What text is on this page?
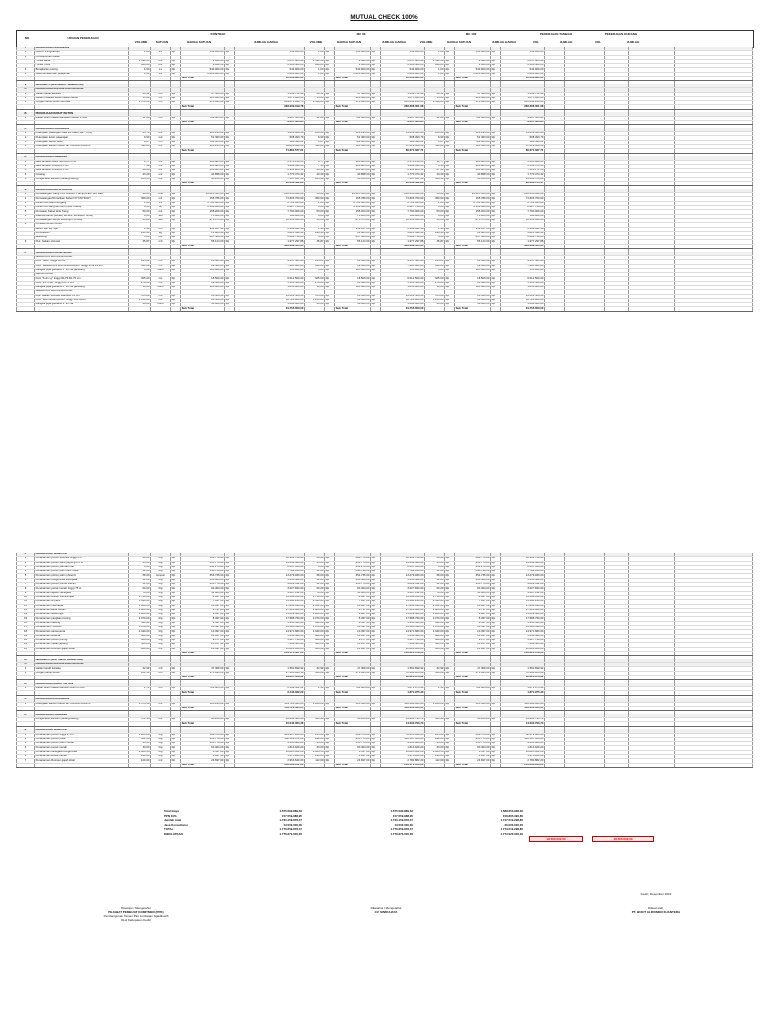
MUTUAL CHECK 100%
NO	URAIAN PEKERJAAN
KONTRAK
VOLUME	SATUAN	HARGA SATUAN	JUMLAH HARGA
MC 90
VOLUME	HARGA SATUAN	JUMLAH HARGA
MC 100
VOLUME	HARGA SATUAN	JUMLAH HARGA
PEKERJAAN TAMBAH
VOL	JUMLAH
PEKERJAAN KURANG
VOL	JUMLAH
I	PEKERJAAN PERSIAPAN																					
1	Uitzet / Pengukuran	1,00	Ls	Rp	550.000,00	Rp	550.000,00	1,00	Rp	550.000,00	Rp	550.000,00	1,00	Rp	550.000,00	Rp	550.000,00					
2	Pembersihan lokasi																					
	- Area Barat	2.590,00	m2	Rp	2.640,00	Rp	6.837.600,00	2.590,00	Rp	2.640,00	Rp	6.837.600,00	2.590,00	Rp	2.640,00	Rp	6.837.600,00					
	- Area Timur	949,00	m2	Rp	2.640,00	Rp	2.505.360,00	949,00	Rp	2.640,00	Rp	2.505.360,00	949,00	Rp	2.640,00	Rp	2.505.360,00					
3	Bongkaran paving	1,00	Ls	Rp	540.000,00	Rp	540.000,00	1,00	Rp	540.000,00	Rp	540.000,00	1,00	Rp	540.000,00	Rp	540.000,00					
4	Dokumentasi dan pelaporan	1,00	Ls	Rp	2.020.000,00	Rp	2.020.000,00	1,00	Rp	2.020.000,00	Rp	2.020.000,00	1,00	Rp	2.020.000,00	Rp	2.020.000,00					
					Sub Total		12.452.960,00			Sub Total		12.452.960,00			Sub Total		12.452.960,00					

II	SEGMEN 1 (SISI BARAT JEMBATAN)																					
A	PEKERJAAN GALIAN DAN URUGAN																					
1	Galian tanah kandas	28,51	m3	Rp	47.308,00	Rp	1.348.751,08	28,51	Rp	47.308,00	Rp	1.348.751,08	28,51	Rp	47.308,00	Rp	1.348.751,08					
2	Galian instalasi kabel bawah tanah	15,00	m1	Rp	125.000,00	Rp	1.875.000,00	15,00	Rp	125.000,00	Rp	1.875.000,00	15,00	Rp	125.000,00	Rp	1.875.000,00					
3	Urugan tanah subur kembali	1.578,26	m3	Rp	170.995,00	Rp	269.873.848,70	1.550,00	Rp	170.995,00	Rp	265.042.250,00	1.550,00	Rp	170.995,00	Rp	265.042.250,00					
					Sub Total		238.009.319,78			Sub Total		268.266.001,08			Sub Total		268.266.001,08					

B	PEKERJAAN RABAT BETON																					
1	Rabat beton bawah kansteen beton K-100	11,88	m3	Rp	782.603,00	Rp	9.297.323,64	11,88	Rp	782.603,00	Rp	9.297.323,64	11,88	Rp	782.603,00	Rp	9.297.323,64					
					Sub Total		9.297.323,64			Sub Total		9.297.323,64			Sub Total		9.297.323,64					

C	PEKERJAAN PASANGAN																					
1	Pekerjaan pasangan bata 1/2 bata (1pc : 4 ps)	15,74	m2	Rp	116.195,00	Rp	1.828.909,30	100,00	Rp	116.195,00	Rp	11.619.500,00	100,00	Rp	116.195,00	Rp	11.619.500,00					
2	Pekerjaan acian pasangan	9,90	m2	Rp	51.363,00	Rp	508.493,70	9,90	Rp	51.363,00	Rp	508.493,70	9,90	Rp	51.363,00	Rp	508.493,70					
3	Pekerjaan Beton Sloof	0,67	m3	Rp	782.603,00	Rp	524.344,01	0,67	Rp	782.603,00	Rp	524.344,01	0,67	Rp	782.603,00	Rp	524.344,01					
4	Pekerjaan kanstin beton uk. 60x30x15x20cm	594,00	m1	Rp	116.195,00	Rp	69.019.830,00	594,00	Rp	113.500,00	Rp	67.419.000,00	594,00	Rp	113.500,00	Rp	67.419.000,00					
					Sub Total		71.881.577,01			Sub Total		80.071.337,71			Sub Total		80.071.337,71					

D	PEKERJAAN FINISHING																					
1	Batu andesit halus 30x30x3,5 cm	9,77	m2	Rp	263.885,00	Rp	2.578.156,45	9,77	Rp	263.885,00	Rp	2.578.156,45	11,77	Rp	263.885,00	Rp	3.105.926,45					
2	Batu andesit 30x20x3,5 cm	7,18	m2	Rp	263.885,00	Rp	1.894.694,30	7,18	Rp	263.885,00	Rp	1.894.694,30	8,18	Rp	263.885,00	Rp	2.158.579,30					
3	Batu andesit 30x60x3,5 cm	26,38	m2	Rp	263.885,00	Rp	6.961.286,30	26,38	Rp	263.885,00	Rp	6.961.286,30	27,38	Rp	263.885,00	Rp	7.225.171,30					
4	Coating	43,29	m2	Rp	40.898,00	Rp	1.770.474,42	43,29	Rp	40.898,00	Rp	1.770.474,42	43,29	Rp	40.898,00	Rp	1.770.474,42					
5	Pengecatan kanstin (selang-seling)	165,36	m2	Rp	43.226,00	Rp	7.147.851,36	165,36	Rp	43.226,00	Rp	7.147.851,36	326,34	Rp	43.226,00	Rp	14.106.573,00					
					Sub Total		20.352.462,83			Sub Total		20.352.462,83			Sub Total		28.366.724,47					

E	PEKERJAAN KELISTRIKAN																					
1	Pemasangan Tiang PJU custom + lampu LED 120 watt	10,00	Unit	Rp	26.625.335,00	Rp	266.253.350,00	10,00	Rp	26.625.335,00	Rp	266.253.350,00	10,00	Rp	26.625.335,00	Rp	266.253.350,00					
2	Pemasangan/Penarikan Kabel NYY/NYFGbY	450,00	m1	Rp	165.786,00	Rp	74.603.700,00	450,00	Rp	165.786,00	Rp	74.603.700,00	450,00	Rp	165.786,00	Rp	74.603.700,00					
3	Panel box board tengang	1,00	Ls	Rp	2.781.835,00	Rp	2.781.835,00	1,00	Rp	2.781.835,00	Rp	2.781.835,00	1,00	Rp	2.781.835,00	Rp	2.781.835,00					
4	Panel box tiang acs esit (Inner board)	4,00	bh	Rp	2.106.936,00	Rp	8.427.744,00	4,00	Rp	2.106.936,00	Rp	8.427.744,00	4,00	Rp	2.106.936,00	Rp	8.427.744,00					
5	Pemasan Kabel tarik Tiang	50,00	m1	Rp	155.200,00	Rp	7.760.000,00	50,00	Rp	155.200,00	Rp	7.760.000,00	50,00	Rp	155.200,00	Rp	7.760.000,00					
6	Material bantu (isolasi, service, konektor, MCB)	8,00	Set	Rp	70.000,00	Rp	560.000,00	8,00	Rp	70.000,00	Rp	560.000,00	8,00	Rp	70.000,00	Rp	560.000,00					
7	Pemasangan lampu flood light 30 watt	14,00	Set	Rp	873.675,00	Rp	12.231.450,00	14,00	Rp	873.675,00	Rp	12.231.450,00	14,00	Rp	873.675,00	Rp	12.231.450,00					
8	Pondasi struss 20x20																					
	Beton 1pc 2kr 3po	2,48	m3	Rp	954.057,00	Rp	2.366.061,36	2,48	Rp	954.057,00	Rp	2.366.061,36	2,48	Rp	954.057,00	Rp	2.366.061,36					
	Pembesian	296,40	kg	Rp	12.906,00	Rp	3.825.338,40	296,40	Rp	12.906,00	Rp	3.825.338,40	296,40	Rp	12.906,00	Rp	3.825.338,40					
	Bekisting	3,00	m2	Rp	867.586,00	Rp	2.602.758,00	3,00	Rp	867.586,00	Rp	2.602.758,00	3,00	Rp	867.586,00	Rp	2.602.758,00					
9	Pek. Galian stroussl	35,87	m3	Rp	55.124,00	Rp	1.977.297,88	35,87	Rp	55.124,00	Rp	1.977.297,88	35,87	Rp	55.124,00	Rp	1.977.297,88					
					Sub Total		383.389.534,64			Sub Total		383.389.534,64			Sub Total		383.389.534,64					

F	PEKERJAAN PAPAN NAMA																					
	JEMBATAN WAYANGKURMA																					
	Font "SRR" tinggi 30 cm	235,00	cm	Rp	18.500,00	Rp	4.347.500,00	235,00	Rp	18.500,00	Rp	4.347.500,00	235,00	Rp	18.500,00	Rp	4.347.500,00					
	Font "JEMBATAN WAYANGKURMA" tinggi 20 & 25 cm	410,00	cm	Rp	18.500,00	Rp	7.585.000,00	410,00	Rp	18.500,00	Rp	7.585.000,00	410,00	Rp	18.500,00	Rp	7.585.000,00					
	Rangka pipa galvanis 2" fin cat gandang	3,00	huruf	Rp	185.000,00	Rp	555.000,00	3,00	Rp	185.000,00	Rp	555.000,00	3,00	Rp	185.000,00	Rp	555.000,00					
	KEDIRI LAND																					
	Font "K-di-r-g" tinggi 60-75-82-75 cm	325,00	cm	Rp	18.500,00	Rp	6.012.500,00	325,00	Rp	18.500,00	Rp	6.012.500,00	325,00	Rp	18.500,00	Rp	6.012.500,00					
	Font "e-r-i-l-a-l" tinggi 60-75 cm	279,00	cm	Rp	18.500,00	Rp	5.161.500,00	279,00	Rp	18.500,00	Rp	5.161.500,00	279,00	Rp	18.500,00	Rp	5.161.500,00					
	Rangka pipa galvanis 2" fin cat gandang	10,00	huruf	Rp	185.000,00	Rp	1.850.000,00	10,00	Rp	185.000,00	Rp	1.850.000,00	10,00	Rp	185.000,00	Rp	1.850.000,00					
	JEMBATAN WAYANGKURMA																					
	Pek. Galian stroussl diameter 25 cm	785,00	cm	Rp	18.500,00	Rp	14.522.500,00	785,00	Rp	18.500,00	Rp	14.522.500,00	785,00	Rp	18.500,00	Rp	14.522.500,00					
	Font "WAYANGKURMA" tinggi 100-95cm	1.120,00	cm	Rp	18.500,00	Rp	20.720.000,00	1.120,00	Rp	18.500,00	Rp	20.720.000,00	1.120,00	Rp	18.500,00	Rp	20.720.000,00					
	Rangka pipa galvanis 2" fin cat	20,00	huruf	Rp	50.000,00	Rp	1.000.000,00	20,00	Rp	50.000,00	Rp	1.000.000,00	20,00	Rp	50.000,00	Rp	1.000.000,00					
					Sub Total		61.754.000,00			Sub Total		61.754.000,00			Sub Total		61.754.000,00					
F	PEKERJAAN VEGETASI																					
1	Penanaman pohon tembesi tinggi 3 m	28,00	btg	Rp	390.776,00	Rp	10.941.728,00	28,00	Rp	390.776,00	Rp	10.941.728,00	28,00	Rp	390.776,00	Rp	10.941.728,00					
2	Penanaman pohon kiara payung 2,5 m	43,00	btg	Rp	335.776,00	Rp	14.438.368,00	43,00	Rp	335.776,00	Rp	14.438.368,00	43,00	Rp	335.776,00	Rp	14.438.368,00					
3	Penanaman pohon pandan bali	6,00	btg	Rp	341.276,00	Rp	2.047.656,00	6,00	Rp	341.276,00	Rp	2.047.656,00	6,00	Rp	341.276,00	Rp	2.047.656,00					
4	Penanaman pohon palm ekor tupai	12,00	btg	Rp	648.738,00	Rp	7.784.856,00	12,00	Rp	648.738,00	Rp	7.784.856,00	12,00	Rp	648.738,00	Rp	7.784.856,00					
5	Penanaman pohon palm phoenix	38,00	rumpun	Rp	354.735,00	Rp	13.479.930,00	38,00	Rp	354.735,00	Rp	13.479.930,00	38,00	Rp	354.735,00	Rp	13.479.930,00					
6	Penanaman bougenville variegata	12,00	btg	Rp	445.464,00	Rp	5.345.568,00	12,00	Rp	445.464,00	Rp	5.345.568,00	12,00	Rp	445.464,00	Rp	5.345.568,00					
7	Penanaman pohon pucuk merah	12,00	btg	Rp	335.776,00	Rp	4.029.312,00	12,00	Rp	335.776,00	Rp	4.029.312,00	12,00	Rp	335.776,00	Rp	4.029.312,00					
8	Penanaman pucuk merah tinggi 75 m	60,00	btg	Rp	60.464,00	Rp	3.627.840,00	60,00	Rp	60.464,00	Rp	3.627.840,00	60,00	Rp	60.464,00	Rp	3.627.840,00					
9	Penanaman agave variegata	78,00	btg	Rp	54.964,00	Rp	4.287.192,00	78,00	Rp	54.964,00	Rp	4.287.192,00	78,00	Rp	54.964,00	Rp	4.287.192,00					
10	Penanaman Bokoh merah/hijau	2.730,00	btg	Rp	4.897,00	Rp	13.368.810,00	2.730,00	Rp	4.897,00	Rp	13.368.810,00	2.730,00	Rp	4.897,00	Rp	13.368.810,00					
11	Penanaman lili paris	1.590,00	btg	Rp	7.097,00	Rp	11.284.230,00	1.590,00	Rp	7.097,00	Rp	11.284.230,00	1.590,00	Rp	7.097,00	Rp	11.284.230,00					
12	Penanaman melinania	1.630,00	btg	Rp	10.947,00	Rp	17.843.610,00	1.630,00	Rp	10.947,00	Rp	17.843.610,00	1.630,00	Rp	10.947,00	Rp	17.843.610,00					
13	Penanaman kana merah	1.980,00	btg	Rp	8.797,00	Rp	17.418.060,00	1.980,00	Rp	8.797,00	Rp	17.418.060,00	1.980,00	Rp	8.797,00	Rp	17.418.060,00					
14	Penanaman walisongo	1.180,00	btg	Rp	9.847,00	Rp	11.619.460,00	1.180,00	Rp	9.847,00	Rp	11.619.460,00	1.180,00	Rp	9.847,00	Rp	11.619.460,00					
15	Penanaman pangkas kuning	2.070,00	btg	Rp	8.497,00	Rp	17.588.790,00	2.070,00	Rp	8.497,00	Rp	17.588.790,00	2.070,00	Rp	8.497,00	Rp	17.588.790,00					
16	Penanaman bakung	390,00	btg	Rp	8.547,00	Rp	3.333.330,00	390,00	Rp	8.547,00	Rp	3.333.330,00	390,00	Rp	8.547,00	Rp	3.333.330,00					
17	Penanaman Tricolour	1.470,00	btg	Rp	10.397,00	Rp	15.283.590,00	1.470,00	Rp	10.397,00	Rp	15.283.590,00	1.470,00	Rp	10.397,00	Rp	15.283.590,00					
18	Penanaman sansevieria	1.440,00	btg	Rp	10.397,00	Rp	14.971.680,00	1.440,00	Rp	10.397,00	Rp	14.971.680,00	1.440,00	Rp	10.397,00	Rp	14.971.680,00					
19	Penanaman anamia	480,00	btg	Rp	10.947,00	Rp	5.254.560,00	480,00	Rp	10.947,00	Rp	5.254.560,00	480,00	Rp	10.947,00	Rp	5.254.560,00					
20	Penanaman pohon puring	620,00	btg	Rp	9.077,00	Rp	5.627.740,00	620,00	Rp	9.077,00	Rp	5.627.740,00	620,00	Rp	9.077,00	Rp	5.627.740,00					
21	Penanaman melati jepang	500,00	btg	Rp	15.127,00	Rp	7.563.500,00	500,00	Rp	15.127,00	Rp	7.563.500,00	500,00	Rp	15.127,00	Rp	7.563.500,00					
22	Penanaman Rumput gajah lokal	924,00	m2	Rp	24.697,00	Rp	22.820.028,00	924,00	Rp	24.697,00	Rp	22.820.028,00	924,00	Rp	24.697,00	Rp	22.820.028,00					
					Sub Total		249.174.427,00			Sub Total		218.221.079,00			Sub Total		218.221.079,00					

III	SEGMEN 2 (SISI TIMUR JEMBATAN)																					
A	PEKERJAAN GALIAN DAN URUGAN																					
1	Galian tanah kandas	32,99	m3	Rp	47.308,00	Rp	1.560.690,92	32,99	Rp	47.308,00	Rp	1.560.690,92	32,99	Rp	47.308,00	Rp	1.560.690,92					
2	Urugan tanah subur	102,36	m3	Rp	170.995,00	Rp	17.505.048,10	458,88	Rp	170.995,00	Rp	78.466.186,00	458,88	Rp	170.995,00	Rp	78.466.186,00					
					Sub Total		19.067.359,02			Sub Total		80.026.876,92			Sub Total		80.026.876,92					

B	PEKERJAAN RABAT BETON																					
1	Rabat beton bawah kanstin beton K-100	2,74	m3	Rp	782.603,00	Rp	2.144.332,22	2,39	Rp	782.603,00	Rp	1.871.975,40	2,39	Rp	782.603,00	Rp	1.871.975,40					
					Sub Total		2.144.332,22			Sub Total		1.871.975,40			Sub Total		1.871.975,40					

C	PEKERJAAN PASANGAN																					
1	Pekerjaan kanstin beton uk. 60x30x15x20cm	1.373,59	m1	Rp	116.195,00	Rp	159.720.495,05	1.200,00	Rp	113.500,00	Rp	136.200.000,00	1.200,00	Rp	113.500,00	Rp	136.200.000,00					
					Sub Total		159.720.495,05			Sub Total		136.200.000,00			Sub Total		136.200.000,00					

D	PEKERJAAN FINISHING																					
	Pengecatan kanstin (selang-seling)	371,13	m2	Rp	43.226,00	Rp	16.042.364,46	323,99	Rp	43.226,00	Rp	14.004.793,74	323,99	Rp	43.226,00	Rp	14.004.793,74					
					Sub Total		16.042.364,46			Sub Total		14.004.793,74			Sub Total		14.004.793,74					

E	PEKERJAAN VEGETASI																					
1	Penanaman pohon tinggi 2,5 m	1.280,00	btg	Rp	366.576,00	Rp	469.217.280,00	215,00	Rp	366.576,00	Rp	78.813.840,00	225,00	Rp	366.576,00	Rp	82.479.600,00					
2	Penanaman pohon pulai	322,00	btg	Rp	335.776,00	Rp	108.119.872,00	299,00	Rp	335.776,00	Rp	100.397.024,00	299,00	Rp	335.776,00	Rp	100.397.024,00					
3	Penanaman pohon palm merah	13,00	btg	Rp	335.776,00	Rp	4.365.088,00	13,00	Rp	335.776,00	Rp	4.365.088,00	13,00	Rp	335.776,00	Rp	4.365.088,00					
4	Penanaman pucuk merah	30,00	btg	Rp	60.464,00	Rp	1.813.920,00	30,00	Rp	60.464,00	Rp	1.813.920,00	30,00	Rp	60.464,00	Rp	1.813.920,00					
5	Penanaman variegata bougenville	2.436,53	btg	Rp	8.547,00	Rp	20.825.022,00	2.436,53	Rp	8.547,00	Rp	20.825.022,00	2.436,53	Rp	8.547,00	Rp	20.825.022,00					
6	Penanaman kristal merah	240,00	btg	Rp	4.897,00	Rp	1.175.280,00	240,00	Rp	4.897,00	Rp	1.175.280,00	240,00	Rp	4.897,00	Rp	1.175.280,00					
7	Penanaman Rumput gajah lokal	120,00	m2	Rp	24.697,00	Rp	2.963.640,00	112,60	Rp	24.697,00	Rp	2.780.882,20	112,60	Rp	24.697,00	Rp	2.780.882,20					
					Sub Total		608.480.102,00			Sub Total		209.171.056,20			Sub Total		213.836.816,20					
Total biaya	1.575.599.889,52	1.575.599.889,52	1.588.653.908,00
PPN 10%	157.559.988,95	157.559.988,95	158.865.390,80
Jumlah total	1.733.159.878,47	1.733.159.878,47	1.747.519.298,80
Jasa Konsultansi	43.500.000,00	43.500.000,00	26.000.000,00
TOTAL	1.776.659.878,47	1.776.659.878,47	1.773.519.298,80
DIBULATKAN	1.776.670.000,00	1.776.670.000,00	1.773.520.000,00
18.500.000,00	18.500.000,00
Kediri, Desember 2019
Disetujui / Mengetahui
PEJABAT PEMBUAT KOMITMEN (PPK)
Pembangunan Taman Plot Jembatan Ngadiluwih
DLH Kabupaten Kediri
Diketahui / Mengetahui
CV. SINDUHAYA
Dibuat oleh,
PT. BUKIT ALIRUMEN SUANTERA
